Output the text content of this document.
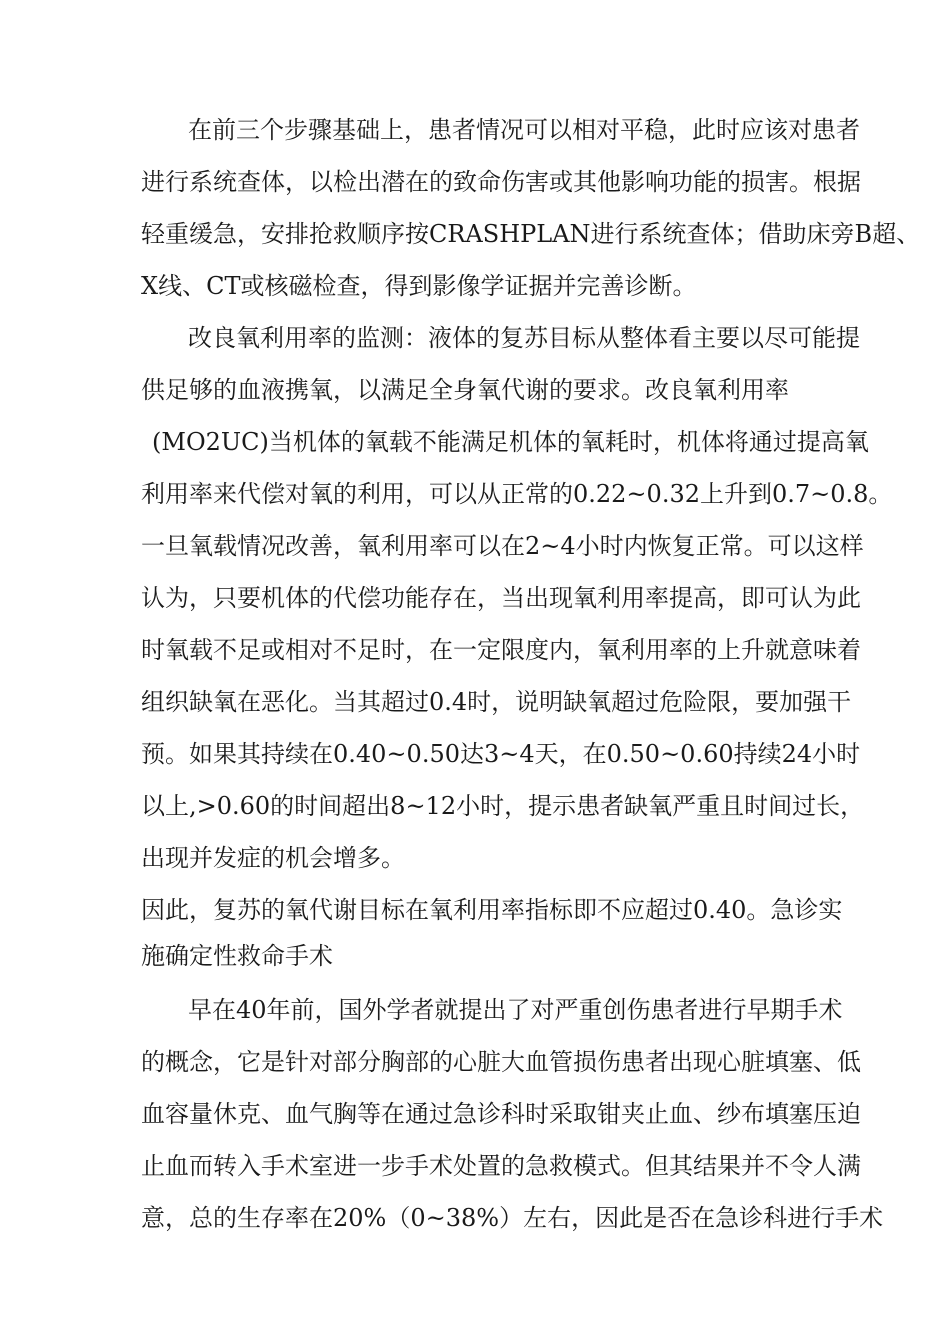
在前三个步骤基础上，患者情况可以相对平稳，此时应该对患者
进行系统查体，以检出潜在的致命伤害或其他影响功能的损害。根据
轻重缓急，安排抢救顺序按CRASHPLAN进行系统查体；借助床旁B超、
X线、CT或核磁检查，得到影像学证据并完善诊断。
改良氧利用率的监测：液体的复苏目标从整体看主要以尽可能提
供足够的血液携氧，以满足全身氧代谢的要求。改良氧利用率
(MO2UC)当机体的氧载不能满足机体的氧耗时，机体将通过提高氧
利用率来代偿对氧的利用，可以从正常的0.22~0.32上升到0.7~0.8。
一旦氧载情况改善，氧利用率可以在2~4小时内恢复正常。可以这样
认为，只要机体的代偿功能存在，当出现氧利用率提高，即可认为此
时氧载不足或相对不足时，在一定限度内，氧利用率的上升就意味着
组织缺氧在恶化。当其超过0.4时，说明缺氧超过危险限，要加强干
预。如果其持续在0.40~0.50达3~4天，在0.50~0.60持续24小时
以上,>0.60的时间超出8~12小时，提示患者缺氧严重且时间过长，
出现并发症的机会增多。
因此，复苏的氧代谢目标在氧利用率指标即不应超过0.40。急诊实
施确定性救命手术
早在40年前，国外学者就提出了对严重创伤患者进行早期手术
的概念，它是针对部分胸部的心脏大血管损伤患者出现心脏填塞、低
血容量休克、血气胸等在通过急诊科时采取钳夹止血、纱布填塞压迫
止血而转入手术室进一步手术处置的急救模式。但其结果并不令人满
意，总的生存率在20%（0~38%）左右，因此是否在急诊科进行手术
